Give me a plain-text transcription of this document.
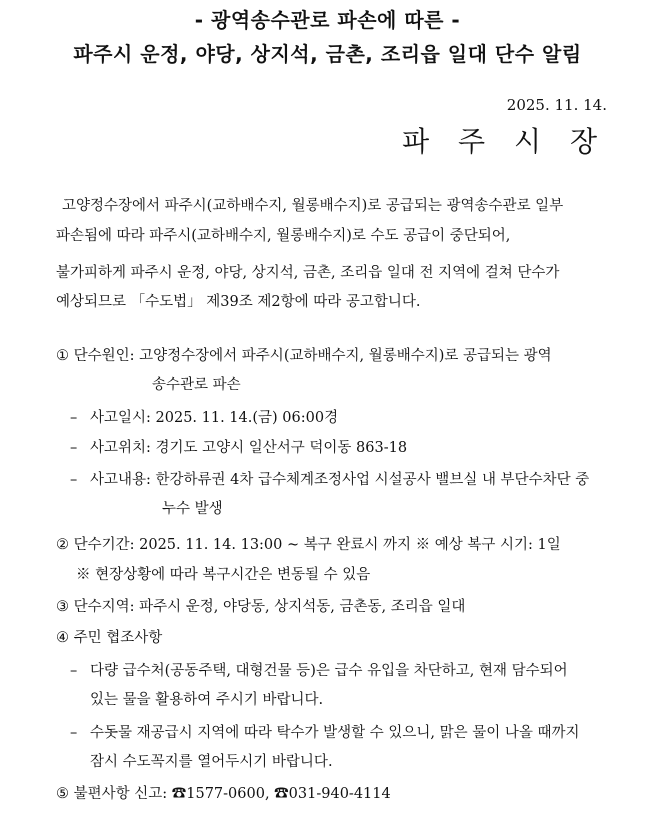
- 광역송수관로 파손에 따른 -
파주시 운정, 야당, 상지석, 금촌, 조리읍 일대 단수 알림
2025. 11. 14.
파 주 시 장
고양정수장에서 파주시(교하배수지, 월롱배수지)로 공급되는 광역송수관로 일부
파손됨에 따라 파주시(교하배수지, 월롱배수지)로 수도 공급이 중단되어,
불가피하게 파주시 운정, 야당, 상지석, 금촌, 조리읍 일대 전 지역에 걸쳐 단수가
예상되므로 「수도법」 제39조 제2항에 따라 공고합니다.
① 단수원인: 고양정수장에서 파주시(교하배수지, 월롱배수지)로 공급되는 광역
송수관로 파손
– 사고일시: 2025. 11. 14.(금) 06:00경
– 사고위치: 경기도 고양시 일산서구 덕이동 863-18
– 사고내용: 한강하류권 4차 급수체계조정사업 시설공사 밸브실 내 부단수차단 중
누수 발생
② 단수기간: 2025. 11. 14. 13:00 ~ 복구 완료시 까지 ※ 예상 복구 시기: 1일
※ 현장상황에 따라 복구시간은 변동될 수 있음
③ 단수지역: 파주시 운정, 야당동, 상지석동, 금촌동, 조리읍 일대
④ 주민 협조사항
– 다량 급수처(공동주택, 대형건물 등)은 급수 유입을 차단하고, 현재 담수되어
있는 물을 활용하여 주시기 바랍니다.
– 수돗물 재공급시 지역에 따라 탁수가 발생할 수 있으니, 맑은 물이 나올 때까지
잠시 수도꼭지를 열어두시기 바랍니다.
⑤ 불편사항 신고: ☎1577-0600, ☎031-940-4114
